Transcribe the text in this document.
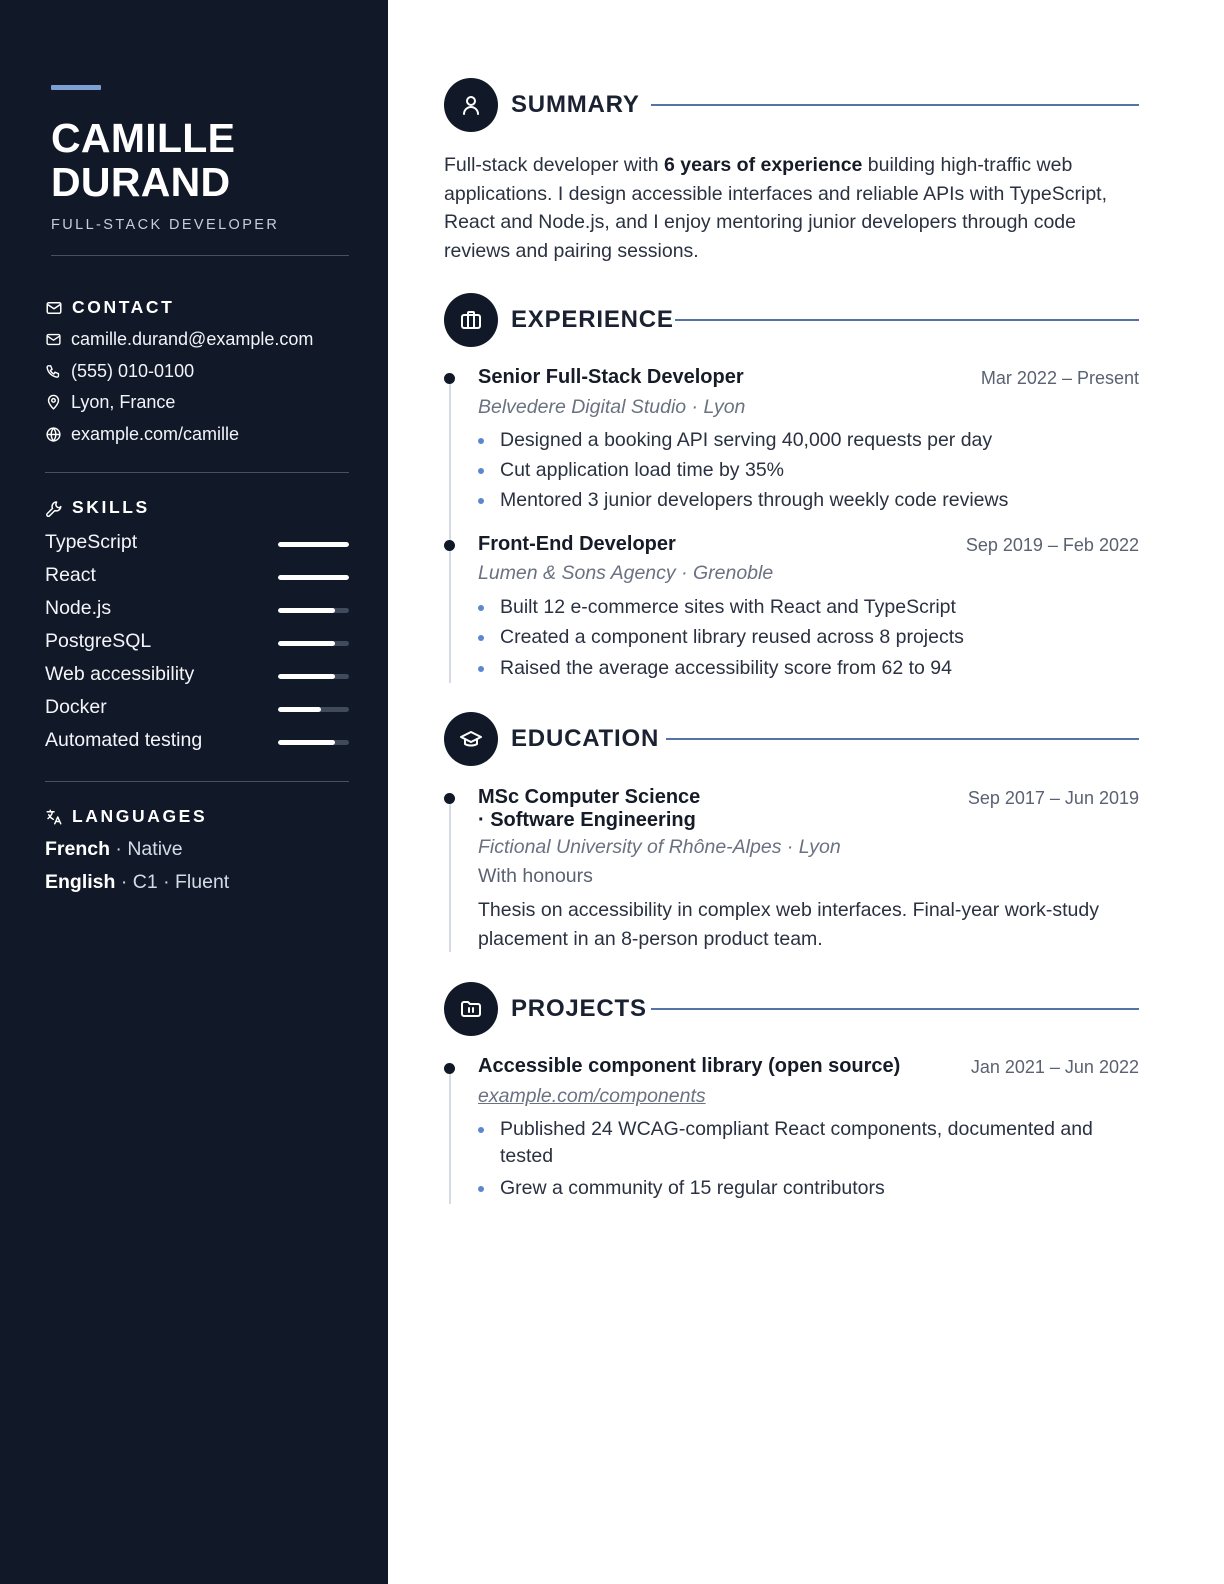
CAMILLE
DURAND
FULL-STACK DEVELOPER
CONTACT
camille.durand@example.com
(555) 010-0100
Lyon, France
example.com/camille
SKILLS
TypeScript
React
Node.js
PostgreSQL
Web accessibility
Docker
Automated testing
LANGUAGES
French · Native
English · C1 · Fluent
SUMMARY
Full-stack developer with 6 years of experience building high-traffic web applications. I design accessible interfaces and reliable APIs with TypeScript, React and Node.js, and I enjoy mentoring junior developers through code reviews and pairing sessions.
EXPERIENCE
Senior Full-Stack Developer	Mar 2022 – Present
Belvedere Digital Studio · Lyon
Designed a booking API serving 40,000 requests per day
Cut application load time by 35%
Mentored 3 junior developers through weekly code reviews
Front-End Developer	Sep 2019 – Feb 2022
Lumen & Sons Agency · Grenoble
Built 12 e-commerce sites with React and TypeScript
Created a component library reused across 8 projects
Raised the average accessibility score from 62 to 94
EDUCATION
MSc Computer Science
· Software Engineering
Sep 2017 – Jun 2019
Fictional University of Rhône-Alpes · Lyon
With honours
Thesis on accessibility in complex web interfaces. Final-year work-study placement in an 8-person product team.
PROJECTS
Accessible component library (open source)	Jan 2021 – Jun 2022
example.com/components
Published 24 WCAG-compliant React components, documented and tested
Grew a community of 15 regular contributors
